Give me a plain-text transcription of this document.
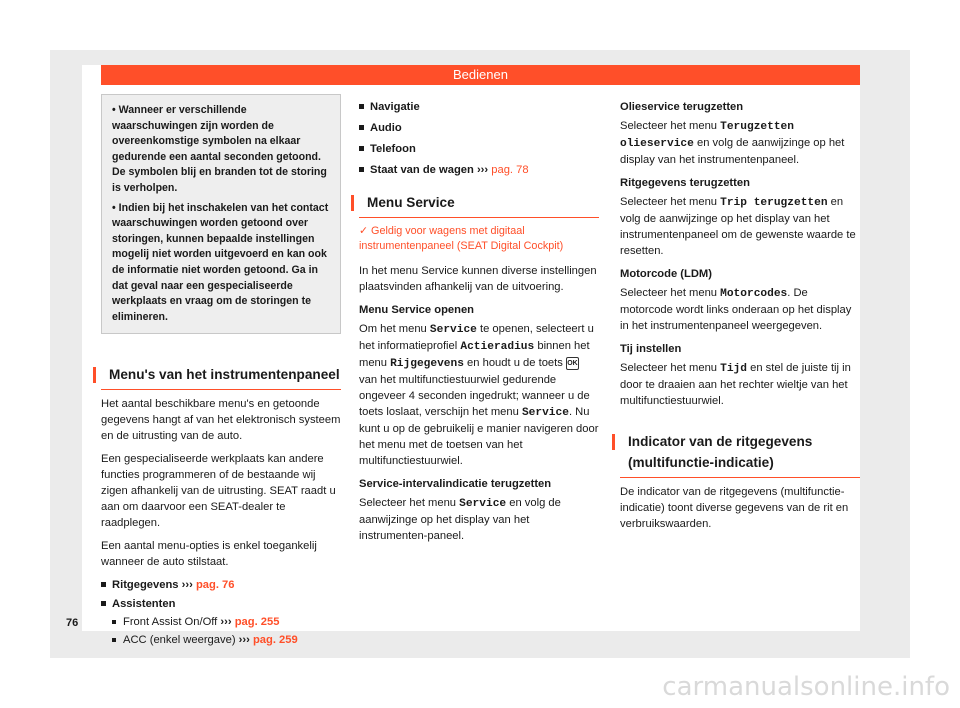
Bedienen

• Wanneer er verschillende waarschuwingen zijn worden de overeenkomstige symbolen na elkaar gedurende een aantal seconden getoond. De symbolen blij en branden tot de storing is verholpen.

• Indien bij het inschakelen van het contact waarschuwingen worden getoond over storingen, kunnen bepaalde instellingen mogelij niet worden uitgevoerd en kan ook de informatie niet worden getoond. Ga in dat geval naar een gespecialiseerde werkplaats en vraag om de storingen te elimineren.

Menu's van het instrumentenpaneel

Het aantal beschikbare menu's en getoonde gegevens hangt af van het elektronisch systeem en de uitrusting van de auto.

Een gespecialiseerde werkplaats kan andere functies programmeren of de bestaande wij zigen afhankelij van de uitrusting. SEAT raadt u aan om daarvoor een SEAT-dealer te raadplegen.

Een aantal menu-opties is enkel toegankelij wanneer de auto stilstaat.

Ritgegevens ››› pag. 76
Assistenten
Front Assist On/Off ››› pag. 255
ACC (enkel weergave) ››› pag. 259
Navigatie
Audio
Telefoon
Staat van de wagen ››› pag. 78
Menu Service
✓ Geldig voor wagens met digitaal instrumentenpaneel (SEAT Digital Cockpit)

In het menu Service kunnen diverse instellingen plaatsvinden afhankelij van de uitvoering.

Menu Service openen

Om het menu Service te openen, selecteert u het informatieprofiel Actieradius binnen het menu Rijgegevens en houdt u de toets OK van het multifunctiestuurwiel gedurende ongeveer 4 seconden ingedrukt; wanneer u de toets loslaat, verschijn het menu Service. Nu kunt u op de gebruikelij e manier navigeren door het menu met de toetsen van het multifunctiestuurwiel.

Service-intervalindicatie terugzetten

Selecteer het menu Service en volg de aanwijzinge op het display van het instrumenten-paneel.

Olieservice terugzetten

Selecteer het menu Terugzetten olieservice en volg de aanwijzinge op het display van het instrumentenpaneel.

Ritgegevens terugzetten

Selecteer het menu Trip terugzetten en volg de aanwijzinge op het display van het instrumentenpaneel om de gewenste waarde te resetten.

Motorcode (LDM)

Selecteer het menu Motorcodes. De motorcode wordt links onderaan op het display in het instrumentenpaneel weergegeven.

Tij instellen

Selecteer het menu Tijd en stel de juiste tij in door te draaien aan het rechter wieltje van het multifunctiestuurwiel.

Indicator van de ritgegevens (multifunctie-indicatie)

De indicator van de ritgegevens (multifunctie-indicatie) toont diverse gegevens van de rit en verbruikswaarden.

76
carmanualsonline.info
